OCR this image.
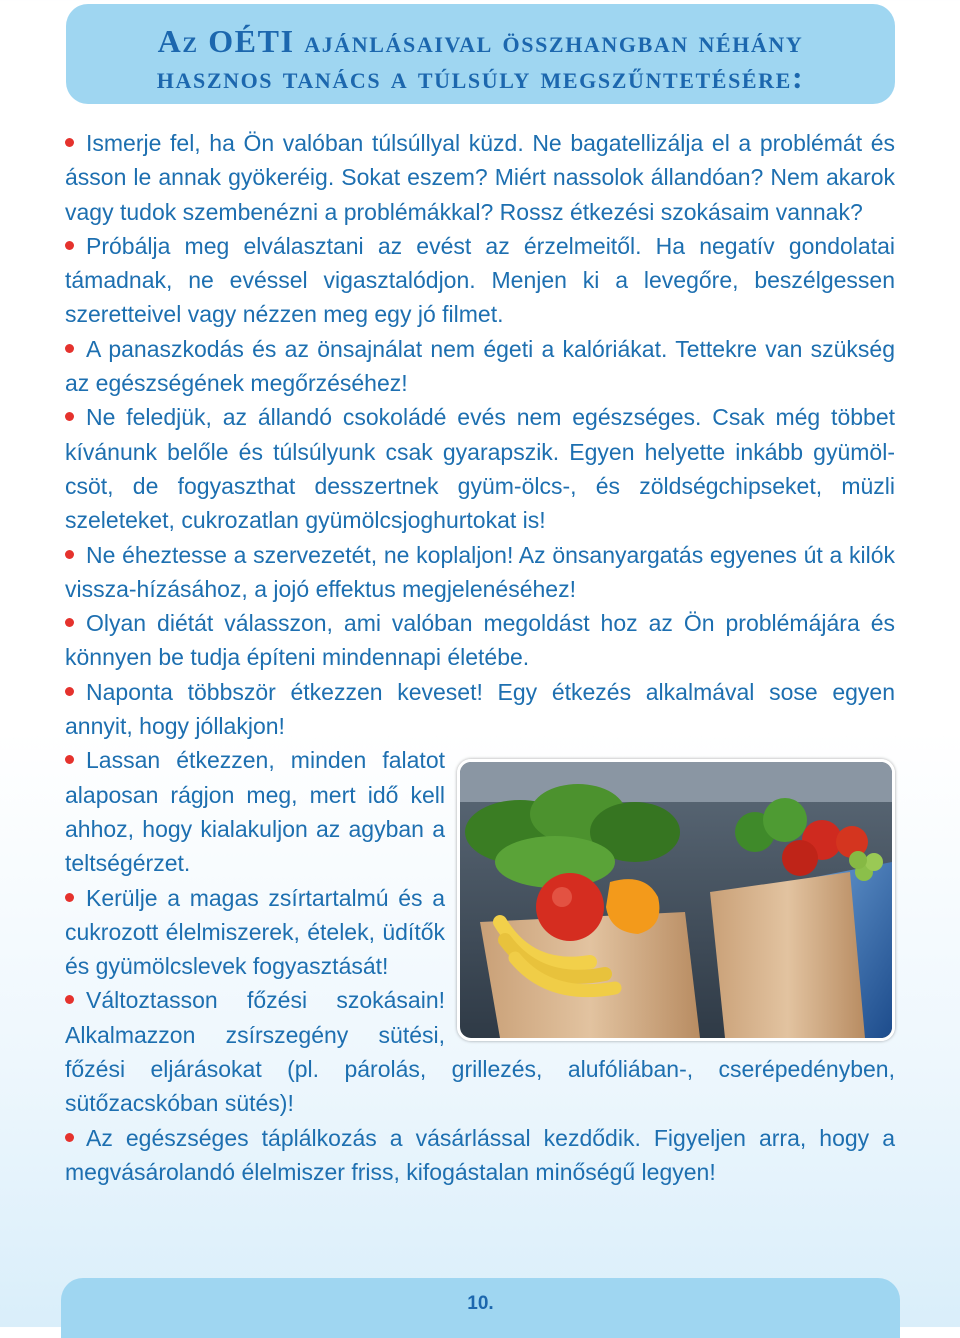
Az OÉTI ajánlásaival összhangban néhány
hasznos tanács a túlsúly megszűntetésére:

Ismerje fel, ha Ön valóban túlsúllyal küzd. Ne bagatellizálja el a problémát és ásson le annak gyökeréig. Sokat eszem? Miért nassolok állandóan? Nem akarok vagy tudok szembenézni a problémákkal? Rossz étkezési szokásaim vannak?

Próbálja meg elválasztani az evést az érzelmeitől. Ha negatív gondolatai támadnak, ne evéssel vigasztalódjon. Menjen ki a levegőre, beszélgessen szeretteivel vagy nézzen meg egy jó filmet.

A panaszkodás és az önsajnálat nem égeti a kalóriákat. Tettekre van szükség az egészségének megőrzéséhez!

Ne feledjük, az állandó csokoládé evés nem egészséges. Csak még többet kívánunk belőle és túlsúlyunk csak gyarapszik. Egyen helyette inkább gyümöl-csöt, de fogyaszthat desszertnek gyüm-ölcs-, és zöldségchipseket, müzli szeleteket, cukrozatlan gyümölcsjoghurtokat is!

Ne éheztesse a szervezetét, ne koplaljon! Az önsanyargatás egyenes út a kilók vissza-hízásához, a jojó effektus megjelenéséhez!

Olyan diétát válasszon, ami valóban megoldást hoz az Ön problémájára és könnyen be tudja építeni mindennapi életébe.

Naponta többször étkezzen keveset! Egy étkezés alkalmával sose egyen annyit, hogy jóllakjon!

Lassan étkezzen, minden falatot alaposan rágjon meg, mert idő kell ahhoz, hogy kialakuljon az agyban a teltségérzet.

Kerülje a magas zsírtartalmú és a cukrozott élelmiszerek, ételek, üdítők és gyümölcslevek fogyasztását!

Változtasson főzési szokásain! Alkalmazzon zsírszegény sütési, főzési eljárásokat (pl. párolás, grillezés, alufóliában-, cserépedényben, sütőzacskóban sütés)!

Az egészséges táplálkozás a vásárlással kezdődik. Figyeljen arra, hogy a megvásárolandó élelmiszer friss, kifogástalan minőségű legyen!

10.
